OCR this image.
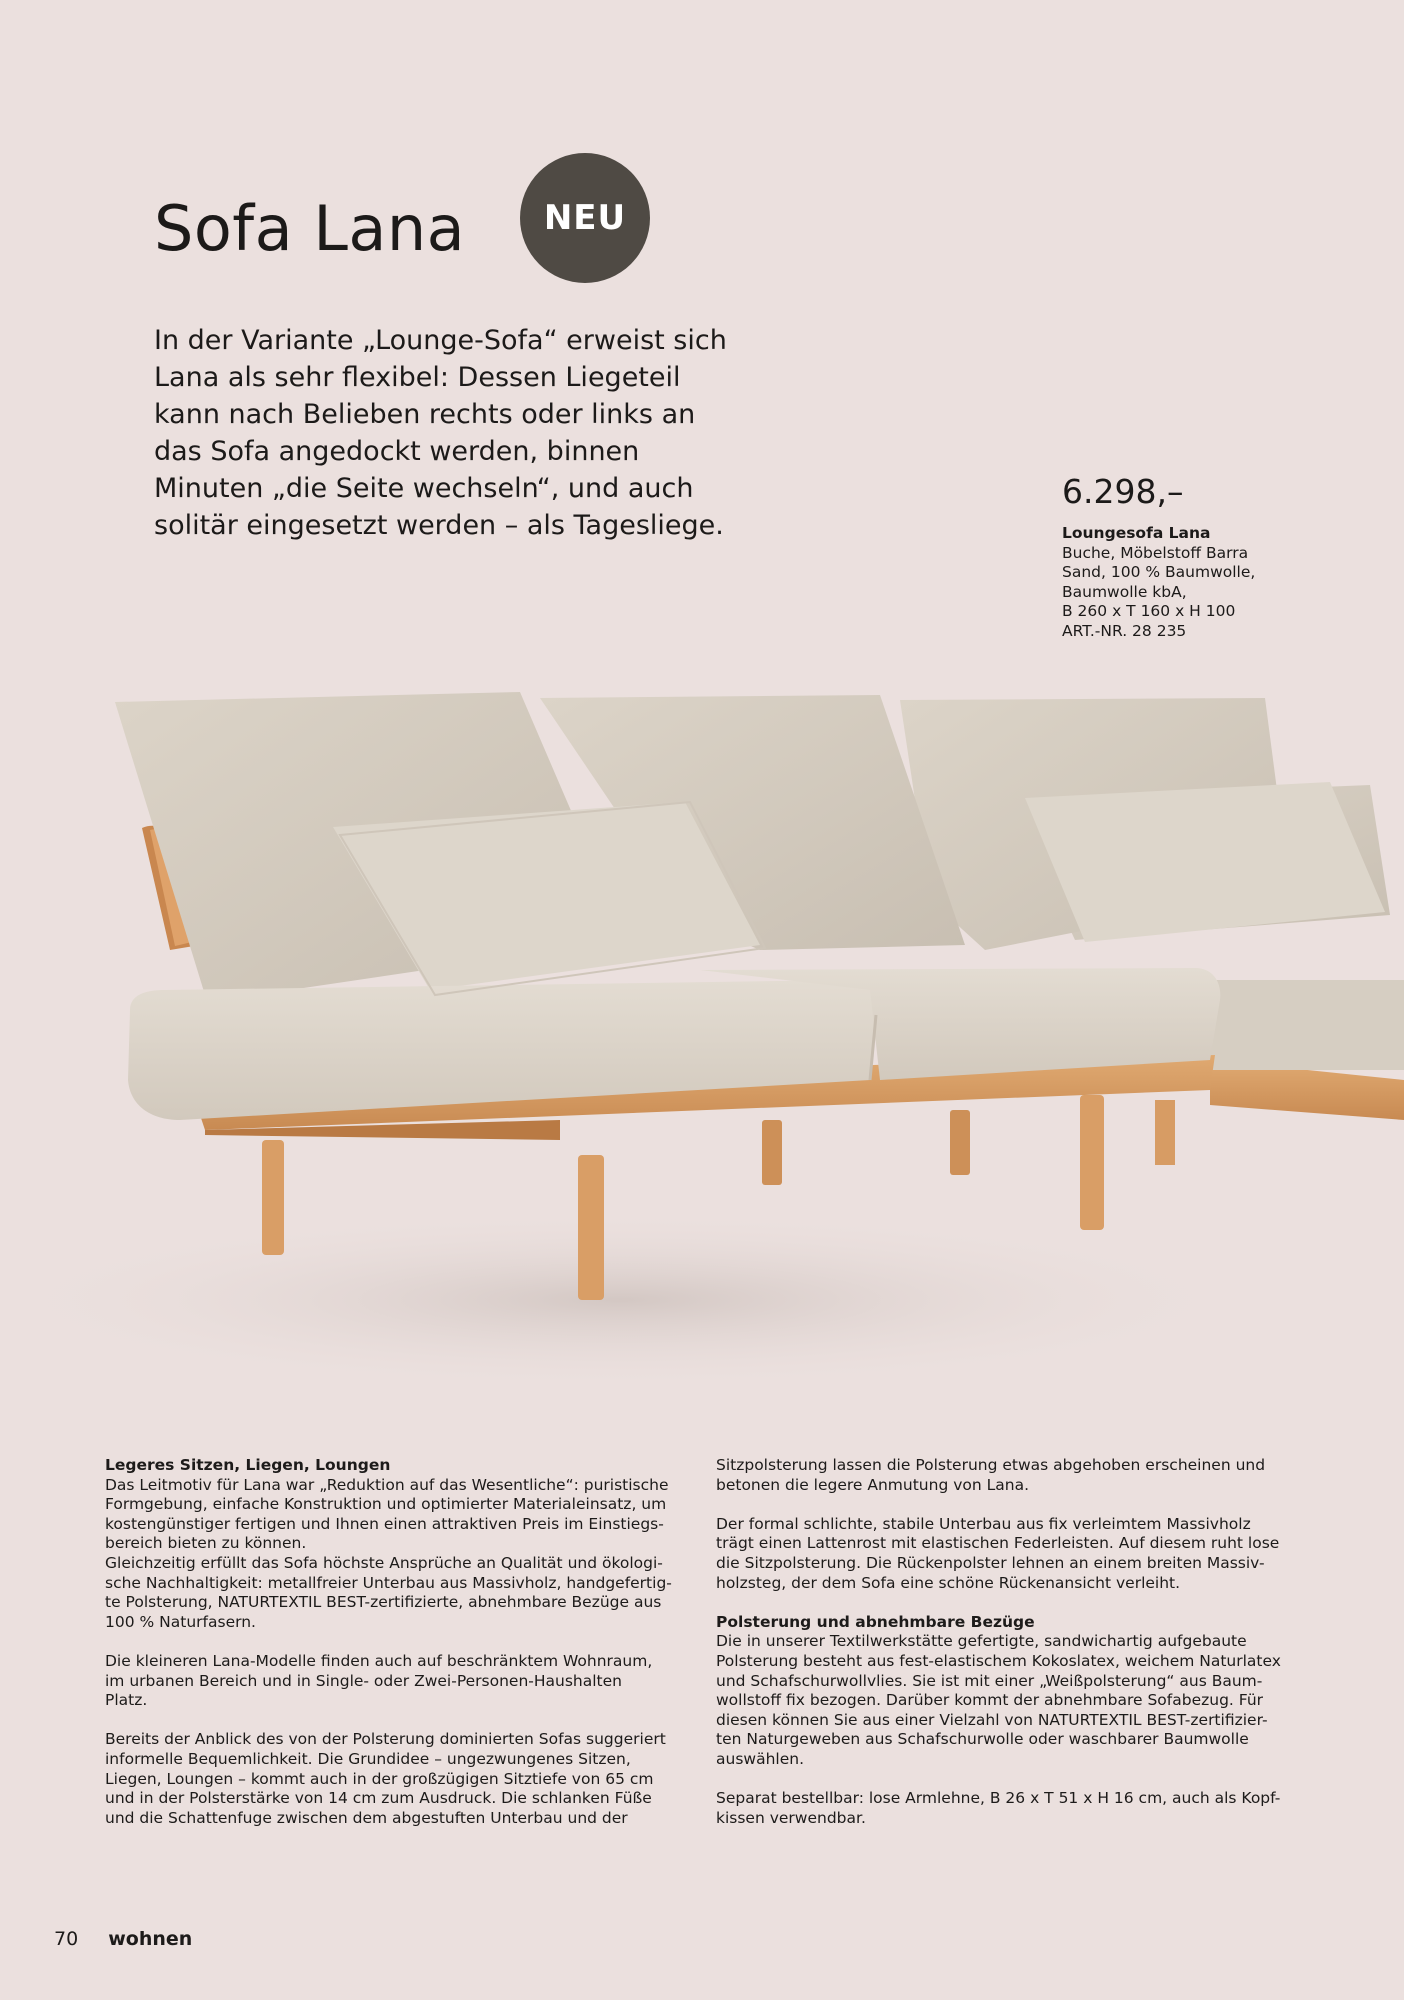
Sofa Lana	NEU
In der Variante „Lounge-Sofa“ erweist sich
Lana als sehr flexibel: Dessen Liegeteil
kann nach Belieben rechts oder links an
das Sofa angedockt werden, binnen
Minuten „die Seite wechseln“, und auch
solitär eingesetzt werden – als Tagesliege.
6.298,–
Loungesofa Lana
Buche, Möbelstoff Barra
Sand, 100 % Baumwolle,
Baumwolle kbA,
B 260 x T 160 x H 100
ART.-NR. 28 235
Legeres Sitzen, Liegen, Loungen
Das Leitmotiv für Lana war „Reduktion auf das Wesentliche“: puristische
Formgebung, einfache Konstruktion und optimierter Materialeinsatz, um
kostengünstiger fertigen und Ihnen einen attraktiven Preis im Einstiegs-
bereich bieten zu können.
Gleichzeitig erfüllt das Sofa höchste Ansprüche an Qualität und ökologi-
sche Nachhaltigkeit: metallfreier Unterbau aus Massivholz, handgefertig-
te Polsterung, NATURTEXTIL BEST-zertifizierte, abnehmbare Bezüge aus
100 % Naturfasern.
Die kleineren Lana-Modelle finden auch auf beschränktem Wohnraum,
im urbanen Bereich und in Single- oder Zwei-Personen-Haushalten
Platz.
Bereits der Anblick des von der Polsterung dominierten Sofas suggeriert
informelle Bequemlichkeit. Die Grundidee – ungezwungenes Sitzen,
Liegen, Loungen – kommt auch in der großzügigen Sitztiefe von 65 cm
und in der Polsterstärke von 14 cm zum Ausdruck. Die schlanken Füße
und die Schattenfuge zwischen dem abgestuften Unterbau und der
Sitzpolsterung lassen die Polsterung etwas abgehoben erscheinen und
betonen die legere Anmutung von Lana.
Der formal schlichte, stabile Unterbau aus fix verleimtem Massivholz
trägt einen Lattenrost mit elastischen Federleisten. Auf diesem ruht lose
die Sitzpolsterung. Die Rückenpolster lehnen an einem breiten Massiv-
holzsteg, der dem Sofa eine schöne Rückenansicht verleiht.
Polsterung und abnehmbare Bezüge
Die in unserer Textilwerkstätte gefertigte, sandwichartig aufgebaute
Polsterung besteht aus fest-elastischem Kokoslatex, weichem Naturlatex
und Schafschurwollvlies. Sie ist mit einer „Weißpolsterung“ aus Baum-
wollstoff fix bezogen. Darüber kommt der abnehmbare Sofabezug. Für
diesen können Sie aus einer Vielzahl von NATURTEXTIL BEST-zertifizier-
ten Naturgeweben aus Schafschurwolle oder waschbarer Baumwolle
auswählen.
Separat bestellbar: lose Armlehne, B 26 x T 51 x H 16 cm, auch als Kopf-
kissen verwendbar.
70 wohnen
